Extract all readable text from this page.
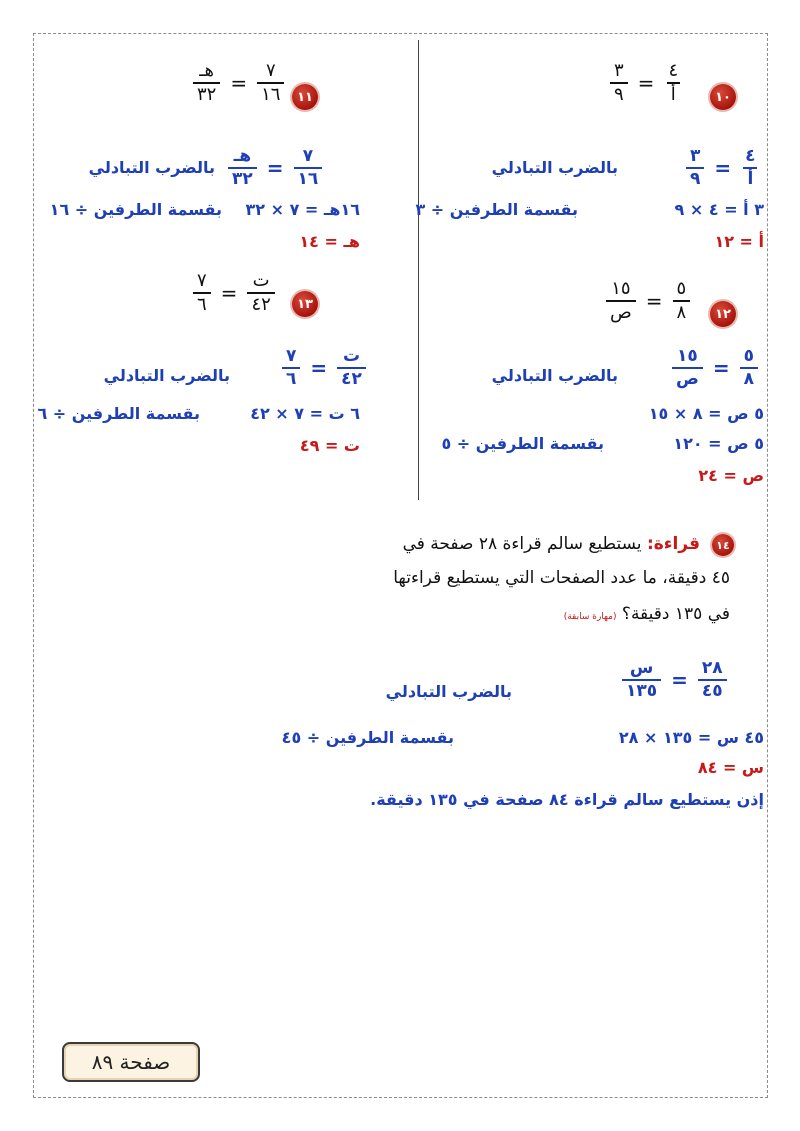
١٠
$\frac{٣}{٩} = \frac{٤}{\text{أ}}$
$\frac{٣}{٩} = \frac{٤}{\text{أ}}$
بالضرب التبادلي
٣ أ = ٤ × ٩
بقسمة الطرفين ÷ ٣
أ = ١٢
١١
$\frac{\text{هـ}}{٣٢} = \frac{٧}{١٦}$
$\frac{\text{هـ}}{٣٢} = \frac{٧}{١٦}$
بالضرب التبادلي
١٦هـ = ٧ × ٣٢
بقسمة الطرفين ÷ ١٦
هـ = ١٤
١٢
$\frac{١٥}{\text{ص}} = \frac{٥}{٨}$
$\frac{١٥}{\text{ص}} = \frac{٥}{٨}$
بالضرب التبادلي
٥ ص = ٨ × ١٥
٥ ص = ١٢٠
بقسمة الطرفين ÷ ٥
ص = ٢٤
١٣
$\frac{٧}{٦} = \frac{\text{ت}}{٤٢}$
$\frac{٧}{٦} = \frac{\text{ت}}{٤٢}$
بالضرب التبادلي
٦ ت = ٧ × ٤٢
بقسمة الطرفين ÷ ٦
ت = ٤٩
١٤
قراءة: يستطيع سالم قراءة ٢٨ صفحة في
٤٥ دقيقة، ما عدد الصفحات التي يستطيع قراءتها
في ١٣٥ دقيقة؟ (مهارة سابقة)
$\frac{\text{س}}{١٣٥} = \frac{٢٨}{٤٥}$
بالضرب التبادلي
٤٥ س = ١٣٥ × ٢٨
بقسمة الطرفين ÷ ٤٥
س = ٨٤
إذن يستطيع سالم قراءة ٨٤ صفحة في ١٣٥ دقيقة.
صفحة ٨٩
